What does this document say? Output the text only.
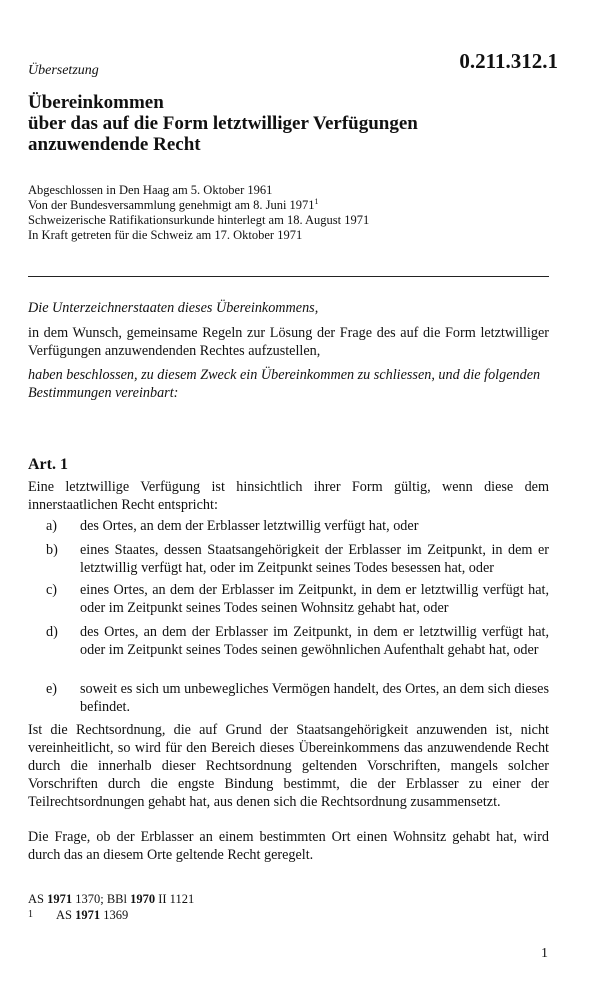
Übersetzung	0.211.312.1
Übereinkommen
über das auf die Form letztwilliger Verfügungen
anzuwendende Recht
Abgeschlossen in Den Haag am 5. Oktober 1961
Von der Bundesversammlung genehmigt am 8. Juni 1971$^1$
Schweizerische Ratifikationsurkunde hinterlegt am 18. August 1971
In Kraft getreten für die Schweiz am 17. Oktober 1971
Die Unterzeichnerstaaten dieses Übereinkommens,
in dem Wunsch, gemeinsame Regeln zur Lösung der Frage des auf die Form letztwilliger Verfügungen anzuwendenden Rechtes aufzustellen,
haben beschlossen, zu diesem Zweck ein Übereinkommen zu schliessen, und die folgenden Bestimmungen vereinbart:
Art. 1
Eine letztwillige Verfügung ist hinsichtlich ihrer Form gültig, wenn diese dem innerstaatlichen Recht entspricht:
a) des Ortes, an dem der Erblasser letztwillig verfügt hat, oder
b) eines Staates, dessen Staatsangehörigkeit der Erblasser im Zeitpunkt, in dem er letztwillig verfügt hat, oder im Zeitpunkt seines Todes besessen hat, oder
c) eines Ortes, an dem der Erblasser im Zeitpunkt, in dem er letztwillig verfügt hat, oder im Zeitpunkt seines Todes seinen Wohnsitz gehabt hat, oder
d) des Ortes, an dem der Erblasser im Zeitpunkt, in dem er letztwillig verfügt hat, oder im Zeitpunkt seines Todes seinen gewöhnlichen Aufenthalt gehabt hat, oder
e) soweit es sich um unbewegliches Vermögen handelt, des Ortes, an dem sich dieses befindet.
Ist die Rechtsordnung, die auf Grund der Staatsangehörigkeit anzuwenden ist, nicht vereinheitlicht, so wird für den Bereich dieses Übereinkommens das anzuwendende Recht durch die innerhalb dieser Rechtsordnung geltenden Vorschriften, mangels solcher Vorschriften durch die engste Bindung bestimmt, die der Erblasser zu einer der Teilrechtsordnungen gehabt hat, aus denen sich die Rechtsordnung zusammensetzt.
Die Frage, ob der Erblasser an einem bestimmten Ort einen Wohnsitz gehabt hat, wird durch das an diesem Orte geltende Recht geregelt.
AS 1971 1370; BBl 1970 II 1121
1 AS 1971 1369
1
